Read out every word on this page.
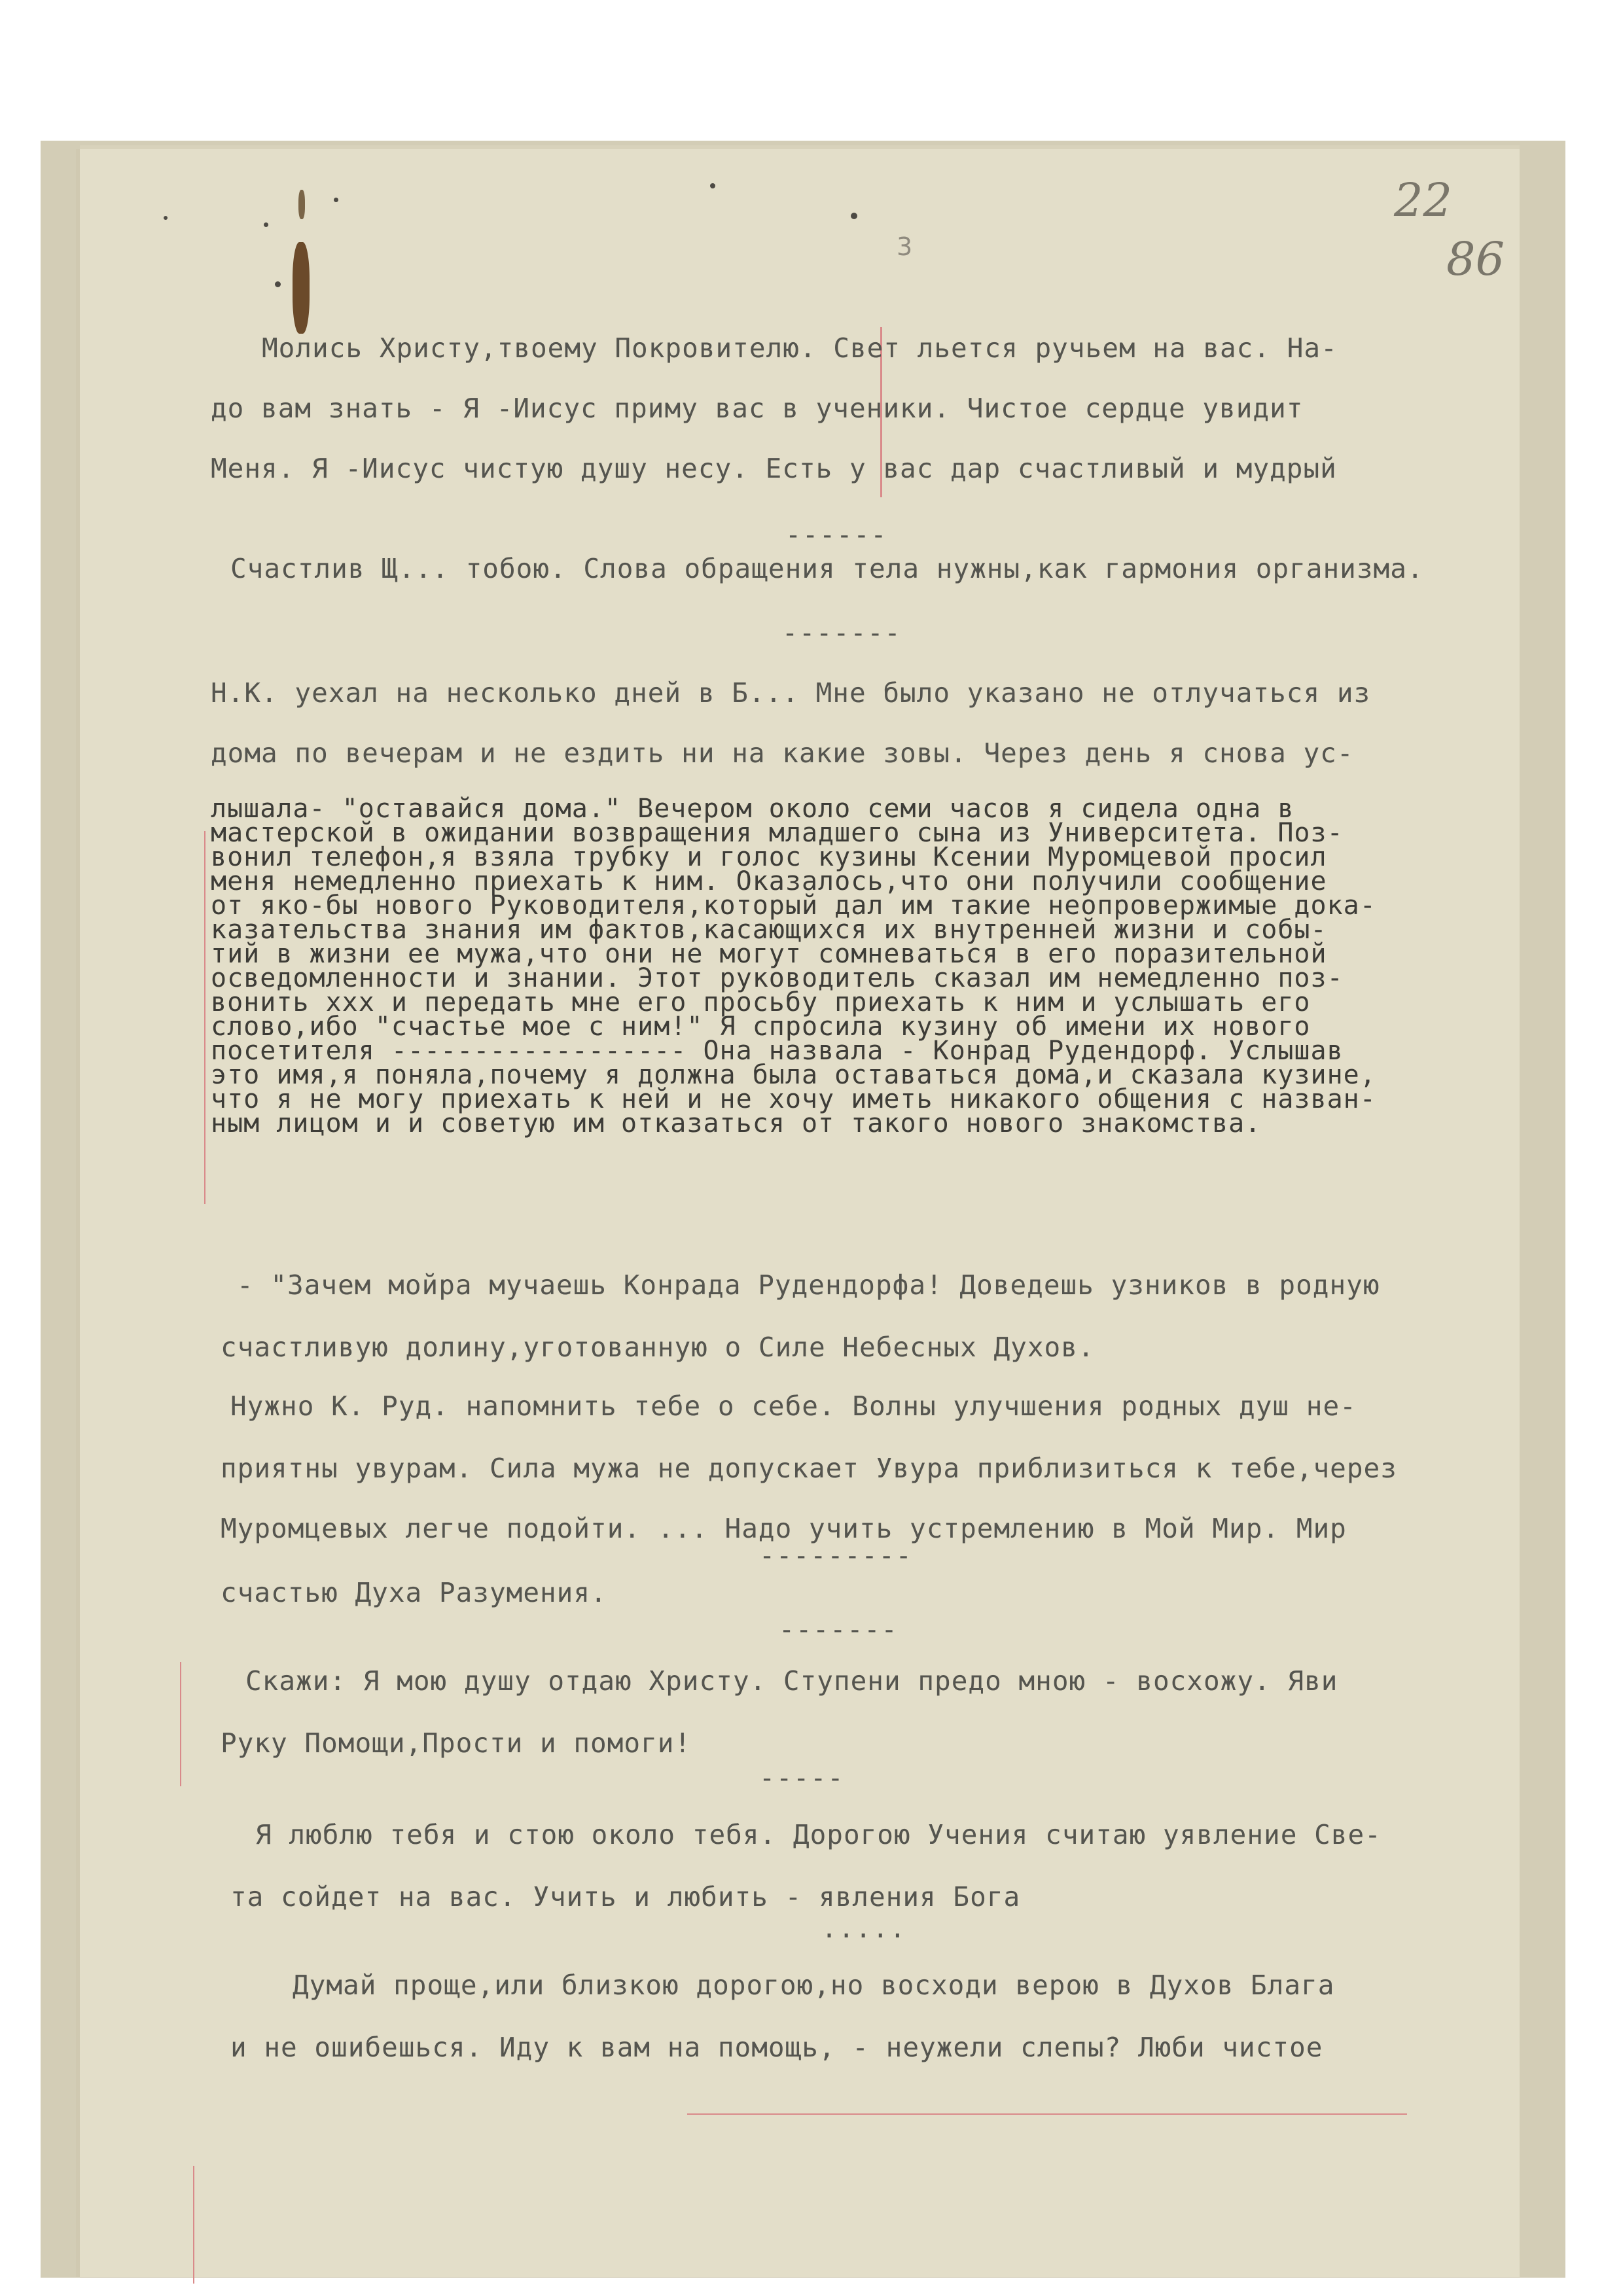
22
86
3
Молись Христу,твоему Покровителю. Свет льется ручьем на вас. На-
до вам знать - Я -Иисус приму вас в ученики. Чистое сердце увидит
Меня. Я -Иисус чистую душу несу. Есть у вас дар счастливый и мудрый
------
Счастлив Щ... тобою. Слова обращения тела нужны,как гармония организма.
-------
Н.К. уехал на несколько дней в Б... Мне было указано не отлучаться из
дома по вечерам и не ездить ни на какие зовы. Через день я снова ус-
лышала- "оставайся дома." Вечером около семи часов я сидела одна в
мастерской в ожидании возвращения младшего сына из Университета. Поз-
вонил телефон,я взяла трубку и голос кузины Ксении Муромцевой просил
меня немедленно приехать к ним. Оказалось,что они получили сообщение
от яко-бы нового Руководителя,который дал им такие неопровержимые дока-
казательства знания им фактов,касающихся их внутренней жизни и собы-
тий в жизни ее мужа,что они не могут сомневаться в его поразительной
осведомленности и знании. Этот руководитель сказал им немедленно поз-
вонить ххх и передать мне его просьбу приехать к ним и услышать его
слово,ибо "счастье мое с ним!" Я спросила кузину об имени их нового
посетителя ------------------ Она назвала - Конрад Рудендорф. Услышав
это имя,я поняла,почему я должна была оставаться дома,и сказала кузине,
что я не могу приехать к ней и не хочу иметь никакого общения с назван-
ным лицом и и советую им отказаться от такого нового знакомства.
- "Зачем мойра мучаешь Конрада Рудендорфа! Доведешь узников в родную
счастливую долину,уготованную о Силе Небесных Духов.
Нужно К. Руд. напомнить тебе о себе. Волны улучшения родных душ не-
приятны увурам. Сила мужа не допускает Увура приблизиться к тебе,через
Муромцевых легче подойти. ... Надо учить устремлению в Мой Мир. Мир
---------
счастью Духа Разумения.
-------
Скажи: Я мою душу отдаю Христу. Ступени предо мною - восхожу. Яви
Руку Помощи,Прости и помоги!
-----
Я люблю тебя и стою около тебя. Дорогою Учения считаю уявление Све-
та сойдет на вас. Учить и любить - явления Бога
.....
Думай проще,или близкою дорогою,но восходи верою в Духов Блага
и не ошибешься. Иду к вам на помощь, - неужели слепы? Люби чистое
